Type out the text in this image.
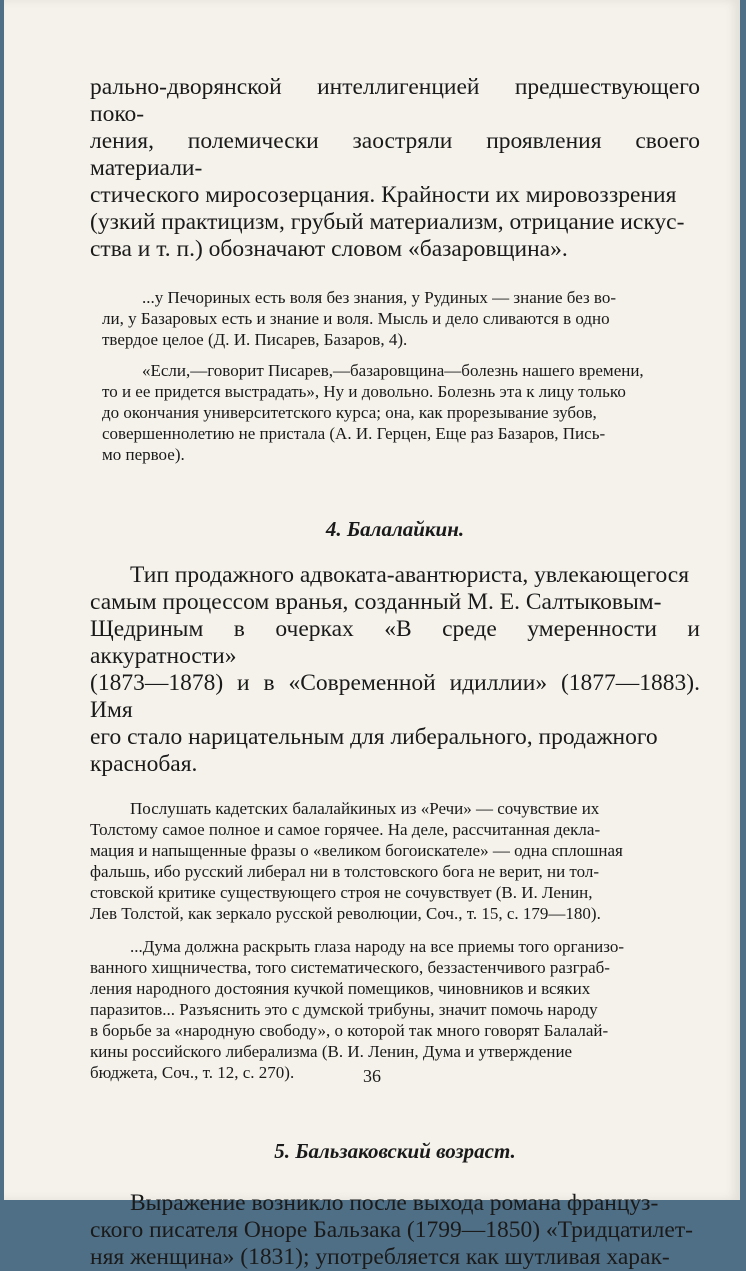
рально-дворянской интеллигенцией предшествующего поко-

ления, полемически заостряли проявления своего материали-

стического миросозерцания. Крайности их мировоззрения

(узкий практицизм, грубый материализм, отрицание искус-

ства и т. п.) обозначают словом «базаровщина».

...у Печориных есть воля без знания, у Рудиных — знание без во-

ли, у Базаровых есть и знание и воля. Мысль и дело сливаются в одно

твердое целое (Д. И. Писарев, Базаров, 4).

«Если,—говорит Писарев,—базаровщина—болезнь нашего времени,

то и ее придется выстрадать», Ну и довольно. Болезнь эта к лицу только

до окончания университетского курса; она, как прорезывание зубов,

совершеннолетию не пристала (А. И. Герцен, Еще раз Базаров, Пись-

мо первое).

4. Балалайкин.

Тип продажного адвоката-авантюриста, увлекающегося

самым процессом вранья, созданный М. Е. Салтыковым-

Щедриным в очерках «В среде умеренности и аккуратности»

(1873—1878) и в «Современной идиллии» (1877—1883). Имя

его стало нарицательным для либерального, продажного

краснобая.

Послушать кадетских балалайкиных из «Речи» — сочувствие их

Толстому самое полное и самое горячее. На деле, рассчитанная декла-

мация и напыщенные фразы о «великом богоискателе» — одна сплошная

фальшь, ибо русский либерал ни в толстовского бога не верит, ни тол-

стовской критике существующего строя не сочувствует (В. И. Ленин,

Лев Толстой, как зеркало русской революции, Соч., т. 15, с. 179—180).

...Дума должна раскрыть глаза народу на все приемы того организо-

ванного хищничества, того систематического, беззастенчивого разграб-

ления народного достояния кучкой помещиков, чиновников и всяких

паразитов... Разъяснить это с думской трибуны, значит помочь народу

в борьбе за «народную свободу», о которой так много говорят Балалай-

кины российского либерализма (В. И. Ленин, Дума и утверждение

бюджета, Соч., т. 12, с. 270).

5. Бальзаковский возраст.

Выражение возникло после выхода романа француз-

ского писателя Оноре Бальзака (1799—1850) «Тридцатилет-

няя женщина» (1831); употребляется как шутливая харак-

36
